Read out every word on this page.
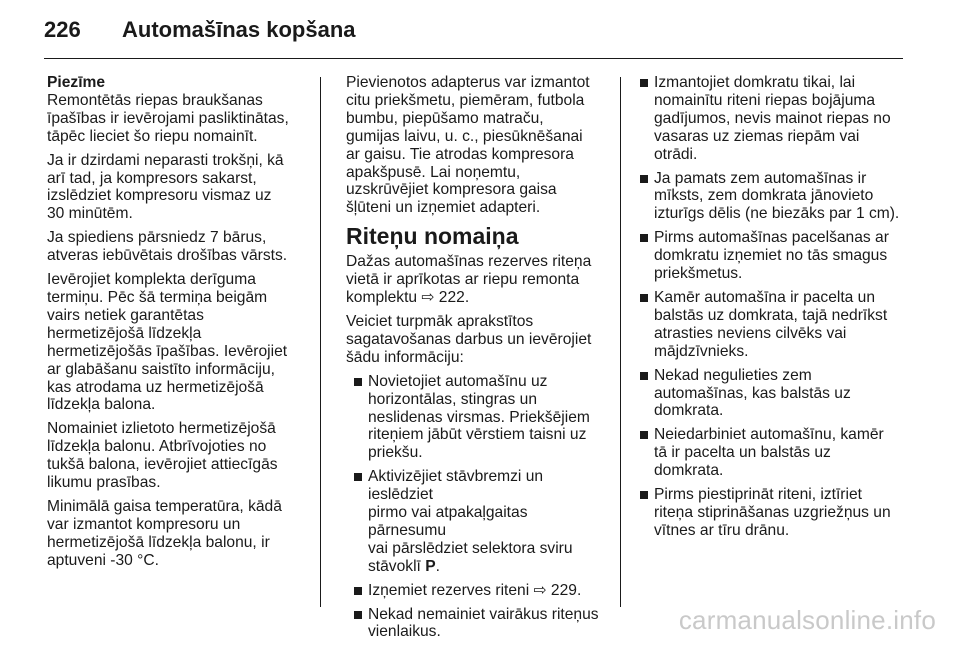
226	Automašīnas kopšana

Piezīme

Remontētās riepas braukšanas
īpašības ir ievērojami pasliktinātas,
tāpēc lieciet šo riepu nomainīt.

Ja ir dzirdami neparasti trokšņi, kā
arī tad, ja kompresors sakarst,
izslēdziet kompresoru vismaz uz
30 minūtēm.

Ja spiediens pārsniedz 7 bārus,
atveras iebūvētais drošības vārsts.

Ievērojiet komplekta derīguma
termiņu. Pēc šā termiņa beigām
vairs netiek garantētas
hermetizējošā līdzekļa
hermetizējošās īpašības. Ievērojiet
ar glabāšanu saistīto informāciju,
kas atrodama uz hermetizējošā
līdzekļa balona.

Nomainiet izlietoto hermetizējošā
līdzekļa balonu. Atbrīvojoties no
tukšā balona, ievērojiet attiecīgās
likumu prasības.

Minimālā gaisa temperatūra, kādā
var izmantot kompresoru un
hermetizējošā līdzekļa balonu, ir
aptuveni -30 °C.

Pievienotos adapterus var izmantot
citu priekšmetu, piemēram, futbola
bumbu, piepūšamo matraču,
gumijas laivu, u. c., piesūknēšanai
ar gaisu. Tie atrodas kompresora
apakšpusē. Lai noņemtu,
uzskrūvējiet kompresora gaisa
šļūteni un izņemiet adapteri.

Riteņu nomaiņa

Dažas automašīnas rezerves riteņa
vietā ir aprīkotas ar riepu remonta
komplektu ⇨ 222.

Veiciet turpmāk aprakstītos
sagatavošanas darbus un ievērojiet
šādu informāciju:

Novietojiet automašīnu uz
horizontālas, stingras un
neslidenas virsmas. Priekšējiem
riteņiem jābūt vērstiem taisni uz
priekšu.
Aktivizējiet stāvbremzi un ieslēdziet
pirmo vai atpakaļgaitas pārnesumu
vai pārslēdziet selektora sviru
stāvoklī P.
Izņemiet rezerves riteni ⇨ 229.
Nekad nemainiet vairākus riteņus
vienlaikus.
Izmantojiet domkratu tikai, lai
nomainītu riteni riepas bojājuma
gadījumos, nevis mainot riepas no
vasaras uz ziemas riepām vai
otrādi.
Ja pamats zem automašīnas ir
mīksts, zem domkrata jānovieto
izturīgs dēlis (ne biezāks par 1 cm).
Pirms automašīnas pacelšanas ar
domkratu izņemiet no tās smagus
priekšmetus.
Kamēr automašīna ir pacelta un
balstās uz domkrata, tajā nedrīkst
atrasties neviens cilvēks vai
mājdzīvnieks.
Nekad negulieties zem
automašīnas, kas balstās uz
domkrata.
Neiedarbiniet automašīnu, kamēr
tā ir pacelta un balstās uz
domkrata.
Pirms piestiprināt riteni, iztīriet
riteņa stiprināšanas uzgriežņus un
vītnes ar tīru drānu.
carmanualsonline.info
